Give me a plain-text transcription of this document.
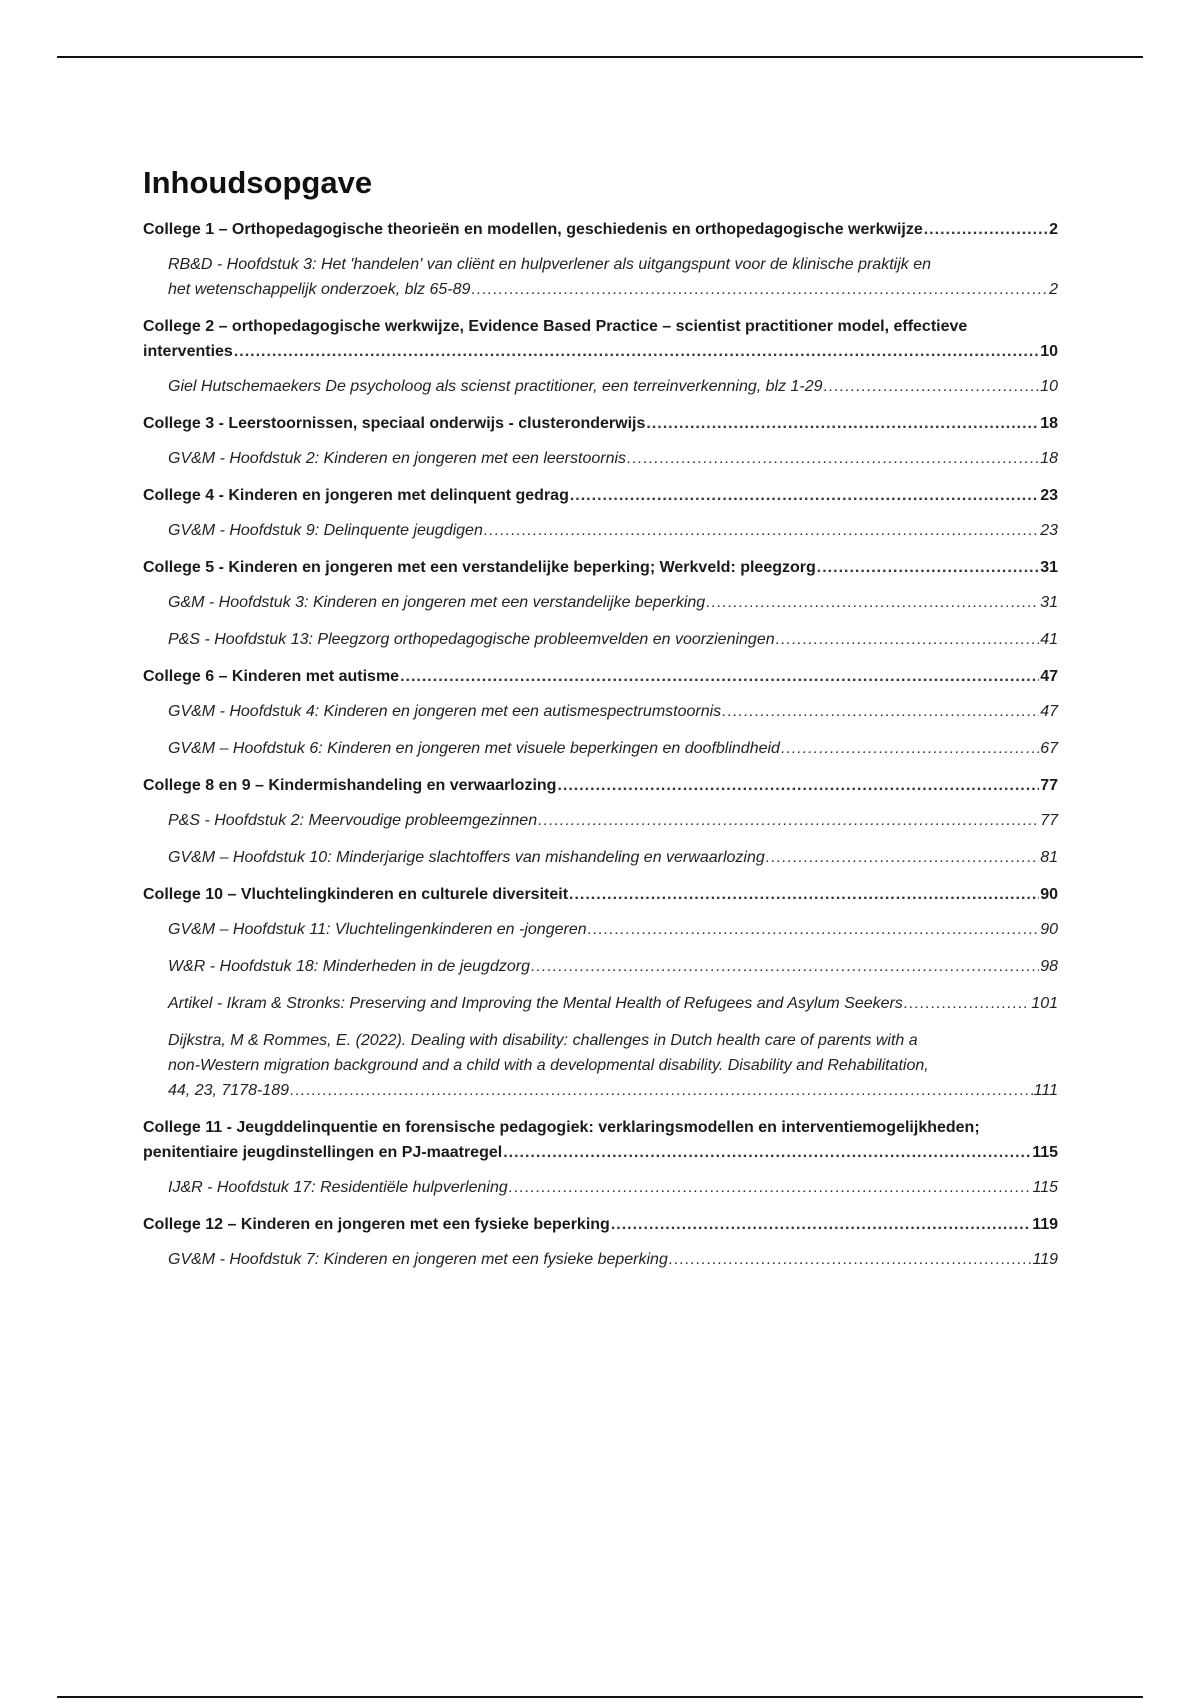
Inhoudsopgave
College 1 – Orthopedagogische theorieën en modellen, geschiedenis en orthopedagogische werkwijze .....	2
RB&D - Hoofdstuk 3: Het 'handelen' van cliënt en hulpverlener als uitgangspunt voor de klinische praktijk en
het wetenschappelijk onderzoek, blz 65-89 .....	2
College 2 – orthopedagogische werkwijze, Evidence Based Practice – scientist practitioner model, effectieve
interventies .....	10
Giel Hutschemaekers De psycholoog als scienst practitioner, een terreinverkenning, blz 1-29 .....	10
College 3 - Leerstoornissen, speciaal onderwijs - clusteronderwijs .....	18
GV&M - Hoofdstuk 2: Kinderen en jongeren met een leerstoornis .....	18
College 4 - Kinderen en jongeren met delinquent gedrag .....	23
GV&M - Hoofdstuk 9: Delinquente jeugdigen .....	23
College 5 - Kinderen en jongeren met een verstandelijke beperking; Werkveld: pleegzorg .....	31
G&M - Hoofdstuk 3: Kinderen en jongeren met een verstandelijke beperking .....	31
P&S - Hoofdstuk 13: Pleegzorg orthopedagogische probleemvelden en voorzieningen .....	41
College 6 – Kinderen met autisme .....	47
GV&M - Hoofdstuk 4: Kinderen en jongeren met een autismespectrumstoornis .....	47
GV&M – Hoofdstuk 6: Kinderen en jongeren met visuele beperkingen en doofblindheid .....	67
College 8 en 9 – Kindermishandeling en verwaarlozing .....	77
P&S - Hoofdstuk 2: Meervoudige probleemgezinnen .....	77
GV&M – Hoofdstuk 10: Minderjarige slachtoffers van mishandeling en verwaarlozing .....	81
College 10 – Vluchtelingkinderen en culturele diversiteit .....	90
GV&M – Hoofdstuk 11: Vluchtelingenkinderen en -jongeren .....	90
W&R - Hoofdstuk 18: Minderheden in de jeugdzorg .....	98
Artikel - Ikram & Stronks: Preserving and Improving the Mental Health of Refugees and Asylum Seekers .....	101
Dijkstra, M & Rommes, E. (2022). Dealing with disability: challenges in Dutch health care of parents with a
non-Western migration background and a child with a developmental disability. Disability and Rehabilitation,
44, 23, 7178-189 .....	111
College 11 - Jeugddelinquentie en forensische pedagogiek: verklaringsmodellen en interventiemogelijkheden;
penitentiaire jeugdinstellingen en PJ-maatregel .....	115
IJ&R - Hoofdstuk 17: Residentiële hulpverlening .....	115
College 12 – Kinderen en jongeren met een fysieke beperking .....	119
GV&M - Hoofdstuk 7: Kinderen en jongeren met een fysieke beperking .....	119
